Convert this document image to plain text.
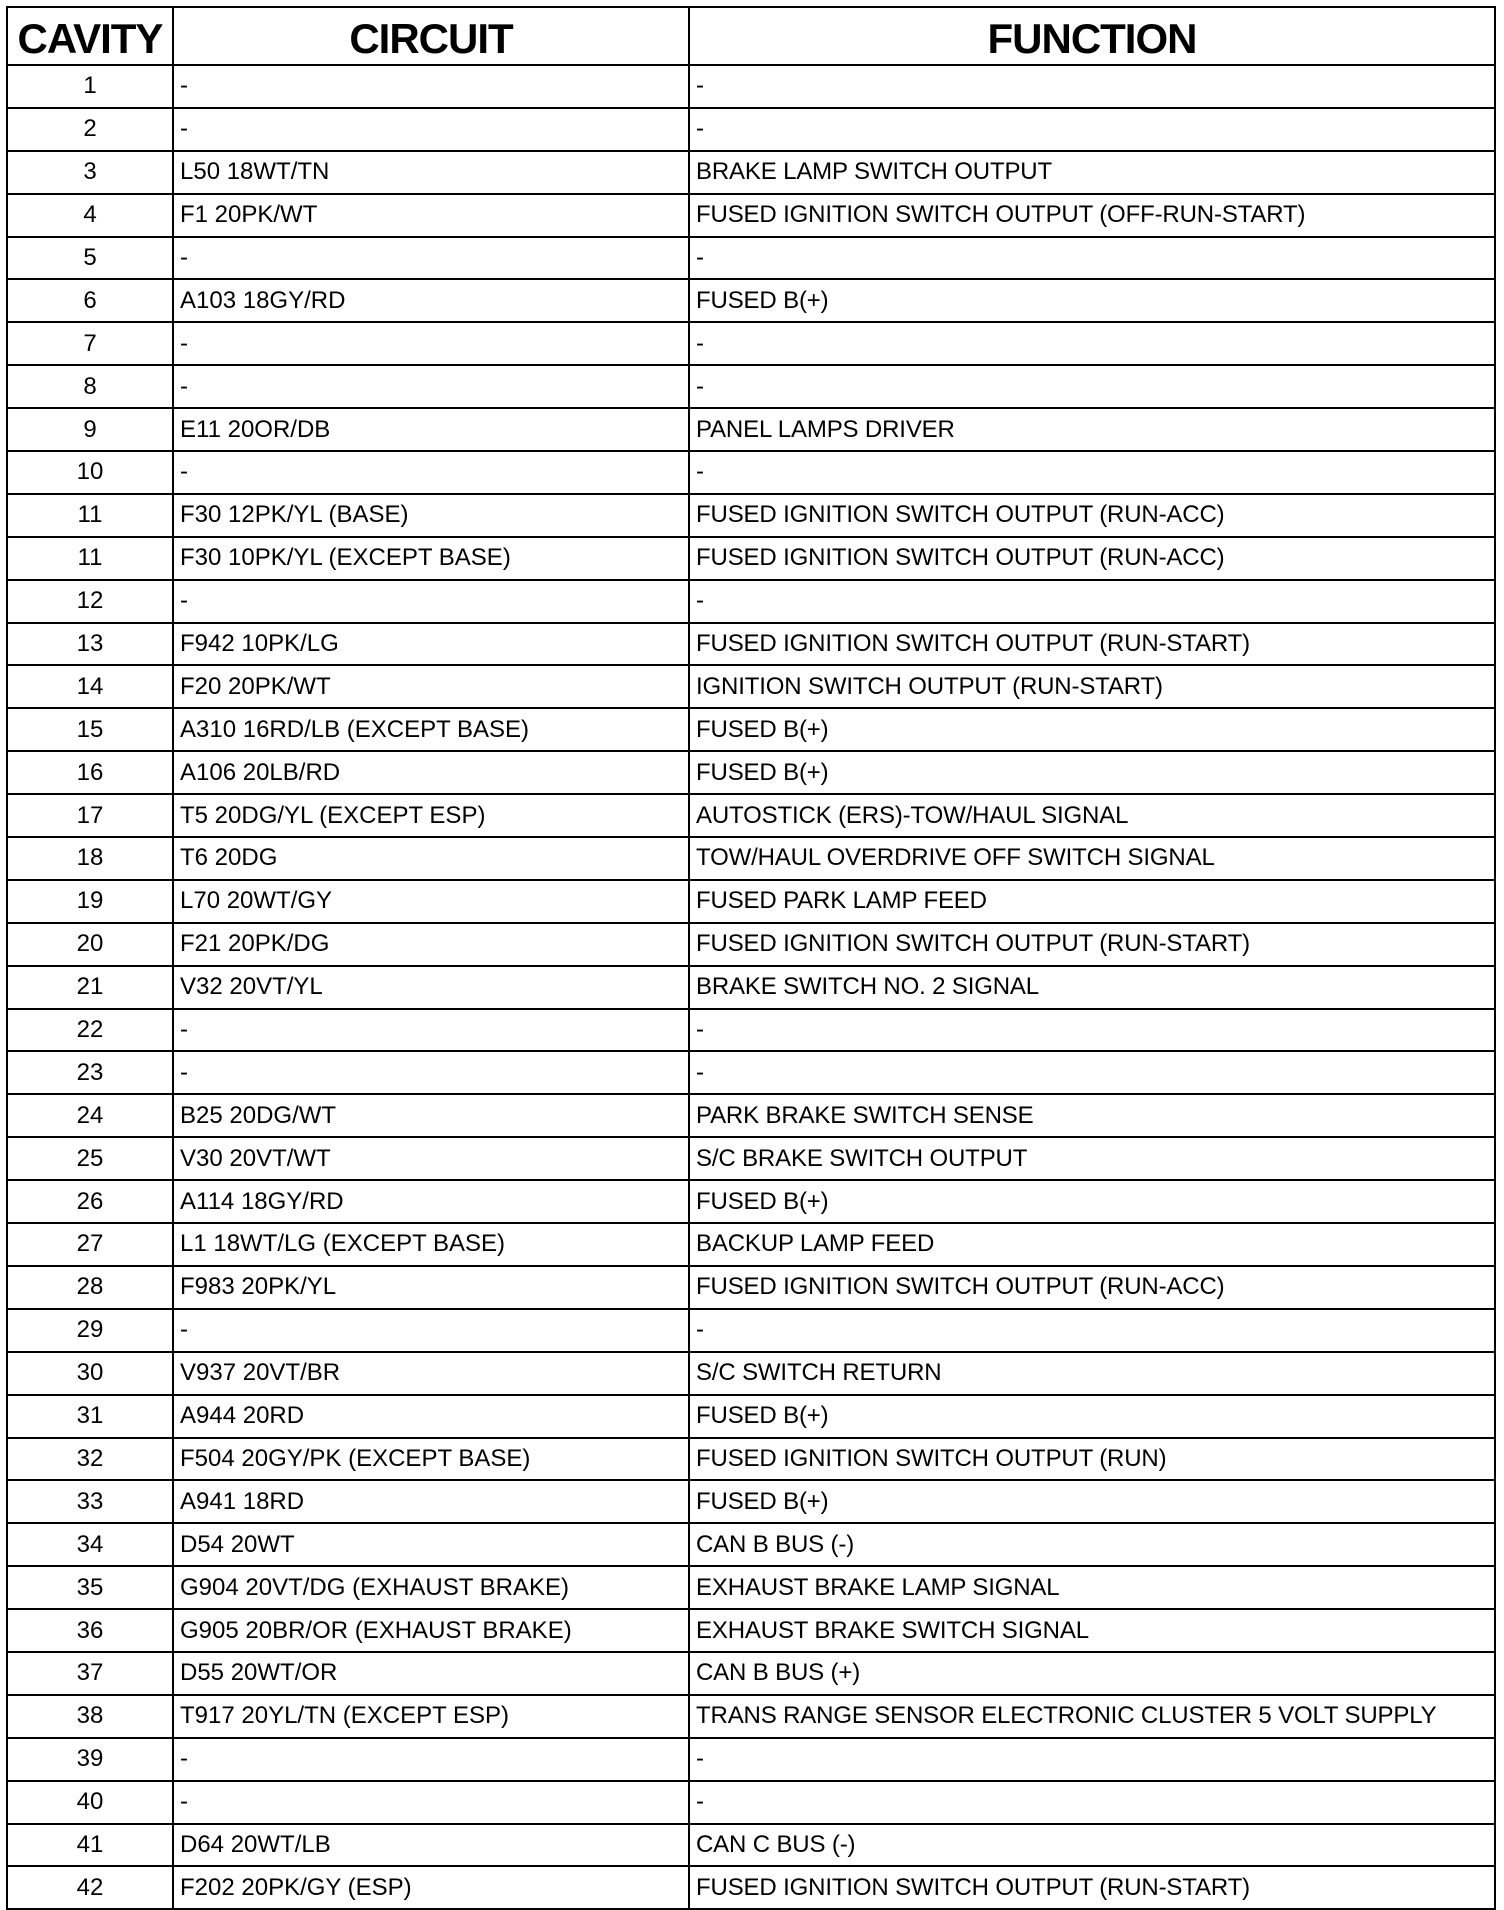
CAVITY	CIRCUIT	FUNCTION
1	-	-
2	-	-
3	L50 18WT/TN	BRAKE LAMP SWITCH OUTPUT
4	F1 20PK/WT	FUSED IGNITION SWITCH OUTPUT (OFF-RUN-START)
5	-	-
6	A103 18GY/RD	FUSED B(+)
7	-	-
8	-	-
9	E11 20OR/DB	PANEL LAMPS DRIVER
10	-	-
11	F30 12PK/YL (BASE)	FUSED IGNITION SWITCH OUTPUT (RUN-ACC)
11	F30 10PK/YL (EXCEPT BASE)	FUSED IGNITION SWITCH OUTPUT (RUN-ACC)
12	-	-
13	F942 10PK/LG	FUSED IGNITION SWITCH OUTPUT (RUN-START)
14	F20 20PK/WT	IGNITION SWITCH OUTPUT (RUN-START)
15	A310 16RD/LB (EXCEPT BASE)	FUSED B(+)
16	A106 20LB/RD	FUSED B(+)
17	T5 20DG/YL (EXCEPT ESP)	AUTOSTICK (ERS)-TOW/HAUL SIGNAL
18	T6 20DG	TOW/HAUL OVERDRIVE OFF SWITCH SIGNAL
19	L70 20WT/GY	FUSED PARK LAMP FEED
20	F21 20PK/DG	FUSED IGNITION SWITCH OUTPUT (RUN-START)
21	V32 20VT/YL	BRAKE SWITCH NO. 2 SIGNAL
22	-	-
23	-	-
24	B25 20DG/WT	PARK BRAKE SWITCH SENSE
25	V30 20VT/WT	S/C BRAKE SWITCH OUTPUT
26	A114 18GY/RD	FUSED B(+)
27	L1 18WT/LG (EXCEPT BASE)	BACKUP LAMP FEED
28	F983 20PK/YL	FUSED IGNITION SWITCH OUTPUT (RUN-ACC)
29	-	-
30	V937 20VT/BR	S/C SWITCH RETURN
31	A944 20RD	FUSED B(+)
32	F504 20GY/PK (EXCEPT BASE)	FUSED IGNITION SWITCH OUTPUT (RUN)
33	A941 18RD	FUSED B(+)
34	D54 20WT	CAN B BUS (-)
35	G904 20VT/DG (EXHAUST BRAKE)	EXHAUST BRAKE LAMP SIGNAL
36	G905 20BR/OR (EXHAUST BRAKE)	EXHAUST BRAKE SWITCH SIGNAL
37	D55 20WT/OR	CAN B BUS (+)
38	T917 20YL/TN (EXCEPT ESP)	TRANS RANGE SENSOR ELECTRONIC CLUSTER 5 VOLT SUPPLY
39	-	-
40	-	-
41	D64 20WT/LB	CAN C BUS (-)
42	F202 20PK/GY (ESP)	FUSED IGNITION SWITCH OUTPUT (RUN-START)
